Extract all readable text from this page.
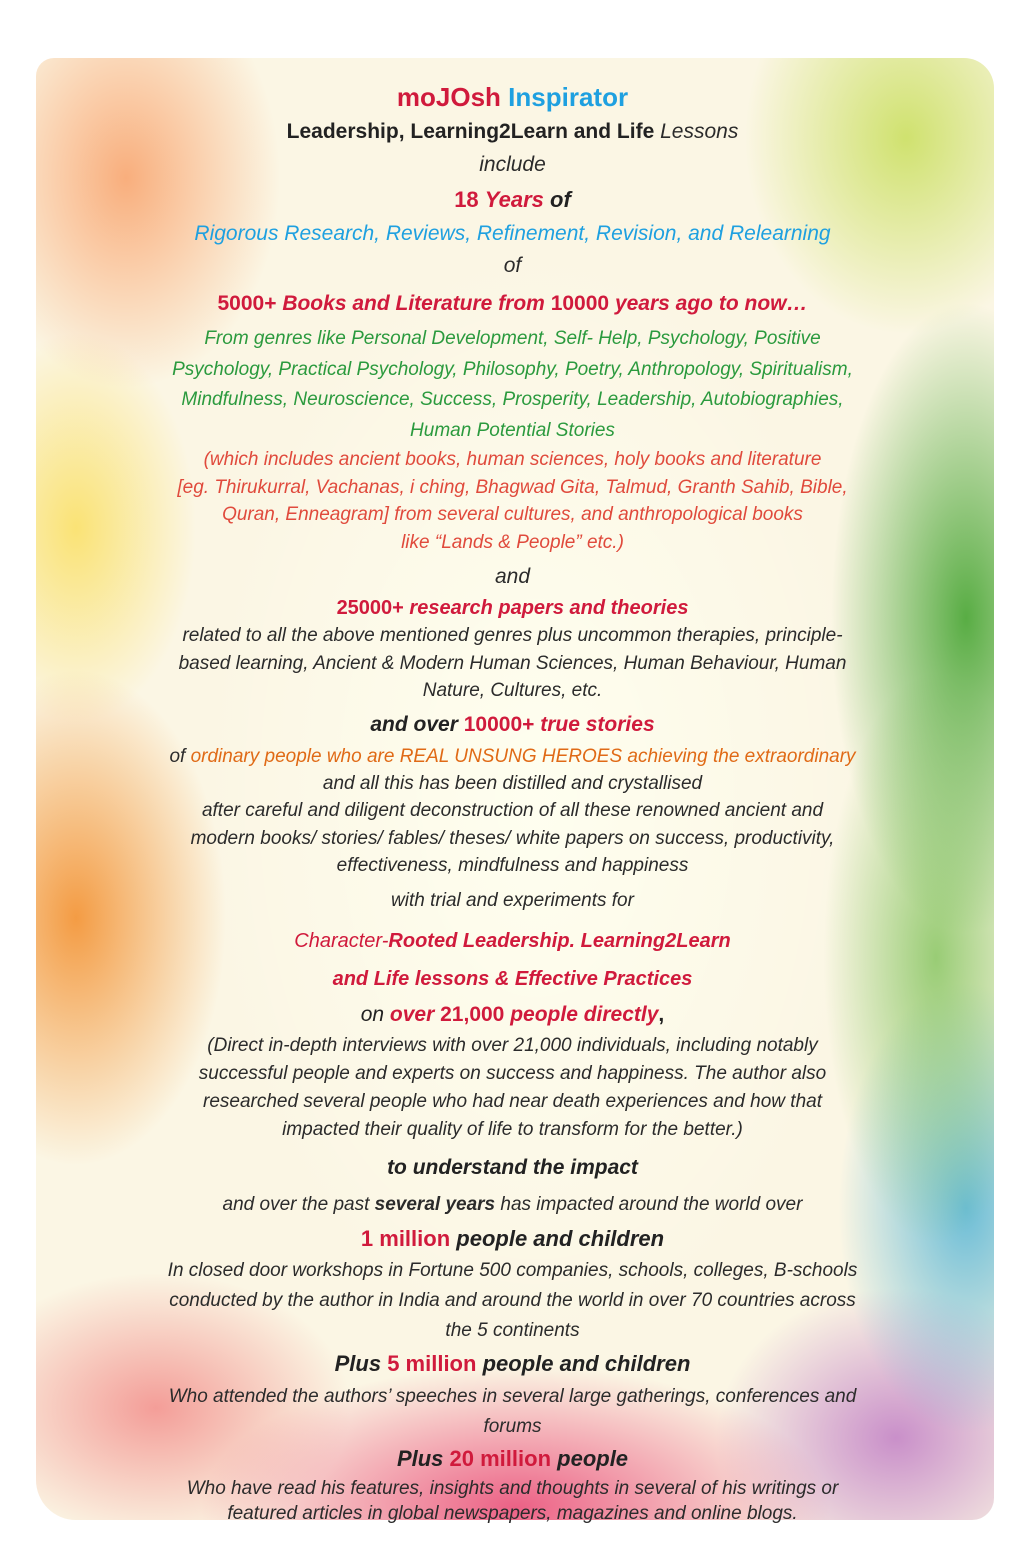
moJOsh Inspirator
Leadership, Learning2Learn and Life Lessons
include
18 Years of
Rigorous Research, Reviews, Refinement, Revision, and Relearning
of
5000+ Books and Literature from 10000 years ago to now…
From genres like Personal Development, Self- Help, Psychology, Positive
Psychology, Practical Psychology, Philosophy, Poetry, Anthropology, Spiritualism,
Mindfulness, Neuroscience, Success, Prosperity, Leadership, Autobiographies,
Human Potential Stories
(which includes ancient books, human sciences, holy books and literature
[eg. Thirukurral, Vachanas, i ching, Bhagwad Gita, Talmud, Granth Sahib, Bible,
Quran, Enneagram] from several cultures, and anthropological books
like “Lands & People” etc.)
and
25000+ research papers and theories
related to all the above mentioned genres plus uncommon therapies, principle-
based learning, Ancient & Modern Human Sciences, Human Behaviour, Human
Nature, Cultures, etc.
and over 10000+ true stories
of ordinary people who are REAL UNSUNG HEROES achieving the extraordinary
and all this has been distilled and crystallised
after careful and diligent deconstruction of all these renowned ancient and
modern books/ stories/ fables/ theses/ white papers on success, productivity,
effectiveness, mindfulness and happiness
with trial and experiments for
Character-Rooted Leadership. Learning2Learn
and Life lessons & Effective Practices
on over 21,000 people directly,
(Direct in-depth interviews with over 21,000 individuals, including notably
successful people and experts on success and happiness. The author also
researched several people who had near death experiences and how that
impacted their quality of life to transform for the better.)
to understand the impact
and over the past several years has impacted around the world over
1 million people and children
In closed door workshops in Fortune 500 companies, schools, colleges, B-schools
conducted by the author in India and around the world in over 70 countries across
the 5 continents
Plus 5 million people and children
Who attended the authors’ speeches in several large gatherings, conferences and
forums
Plus 20 million people
Who have read his features, insights and thoughts in several of his writings or
featured articles in global newspapers, magazines and online blogs.
